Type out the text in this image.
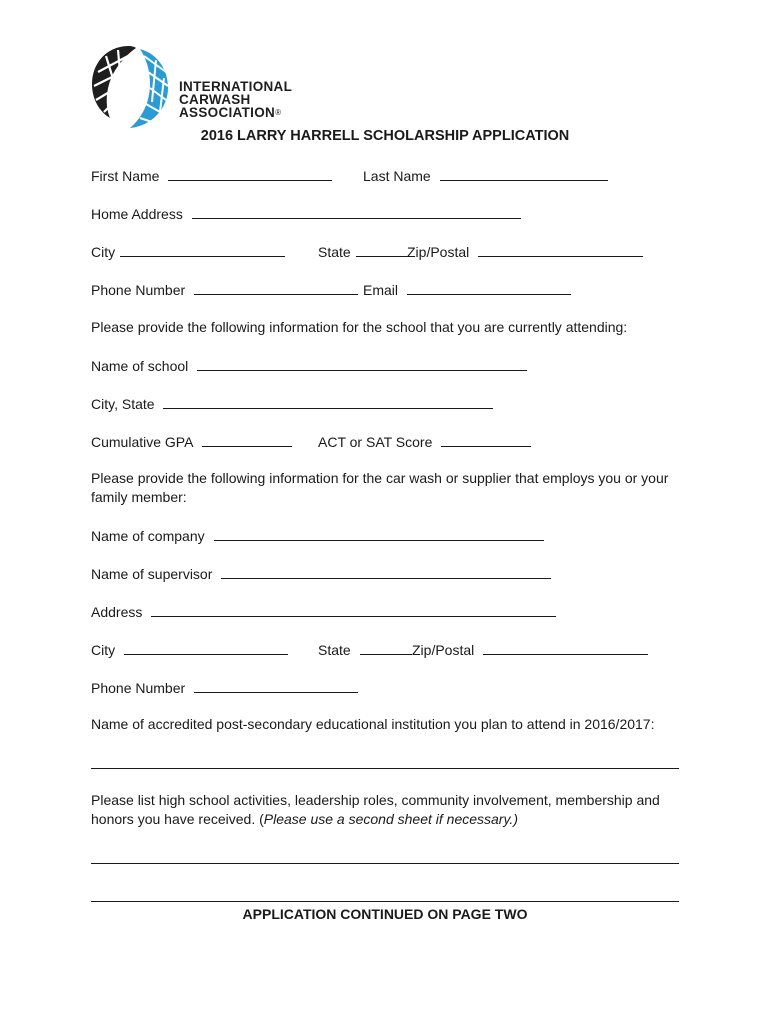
INTERNATIONAL
CARWASH
ASSOCIATION®
2016 LARRY HARRELL SCHOLARSHIP APPLICATION
First Name	Last Name
Home Address
City	State	Zip/Postal
Phone Number	Email
Please provide the following information for the school that you are currently attending:
Name of school
City, State
Cumulative GPA	ACT or SAT Score
Please provide the following information for the car wash or supplier that employs you or your family member:
Name of company
Name of supervisor
Address
City	State	Zip/Postal
Phone Number
Name of accredited post-secondary educational institution you plan to attend in 2016/2017:
Please list high school activities, leadership roles, community involvement, membership and honors you have received. (Please use a second sheet if necessary.)
APPLICATION CONTINUED ON PAGE TWO
